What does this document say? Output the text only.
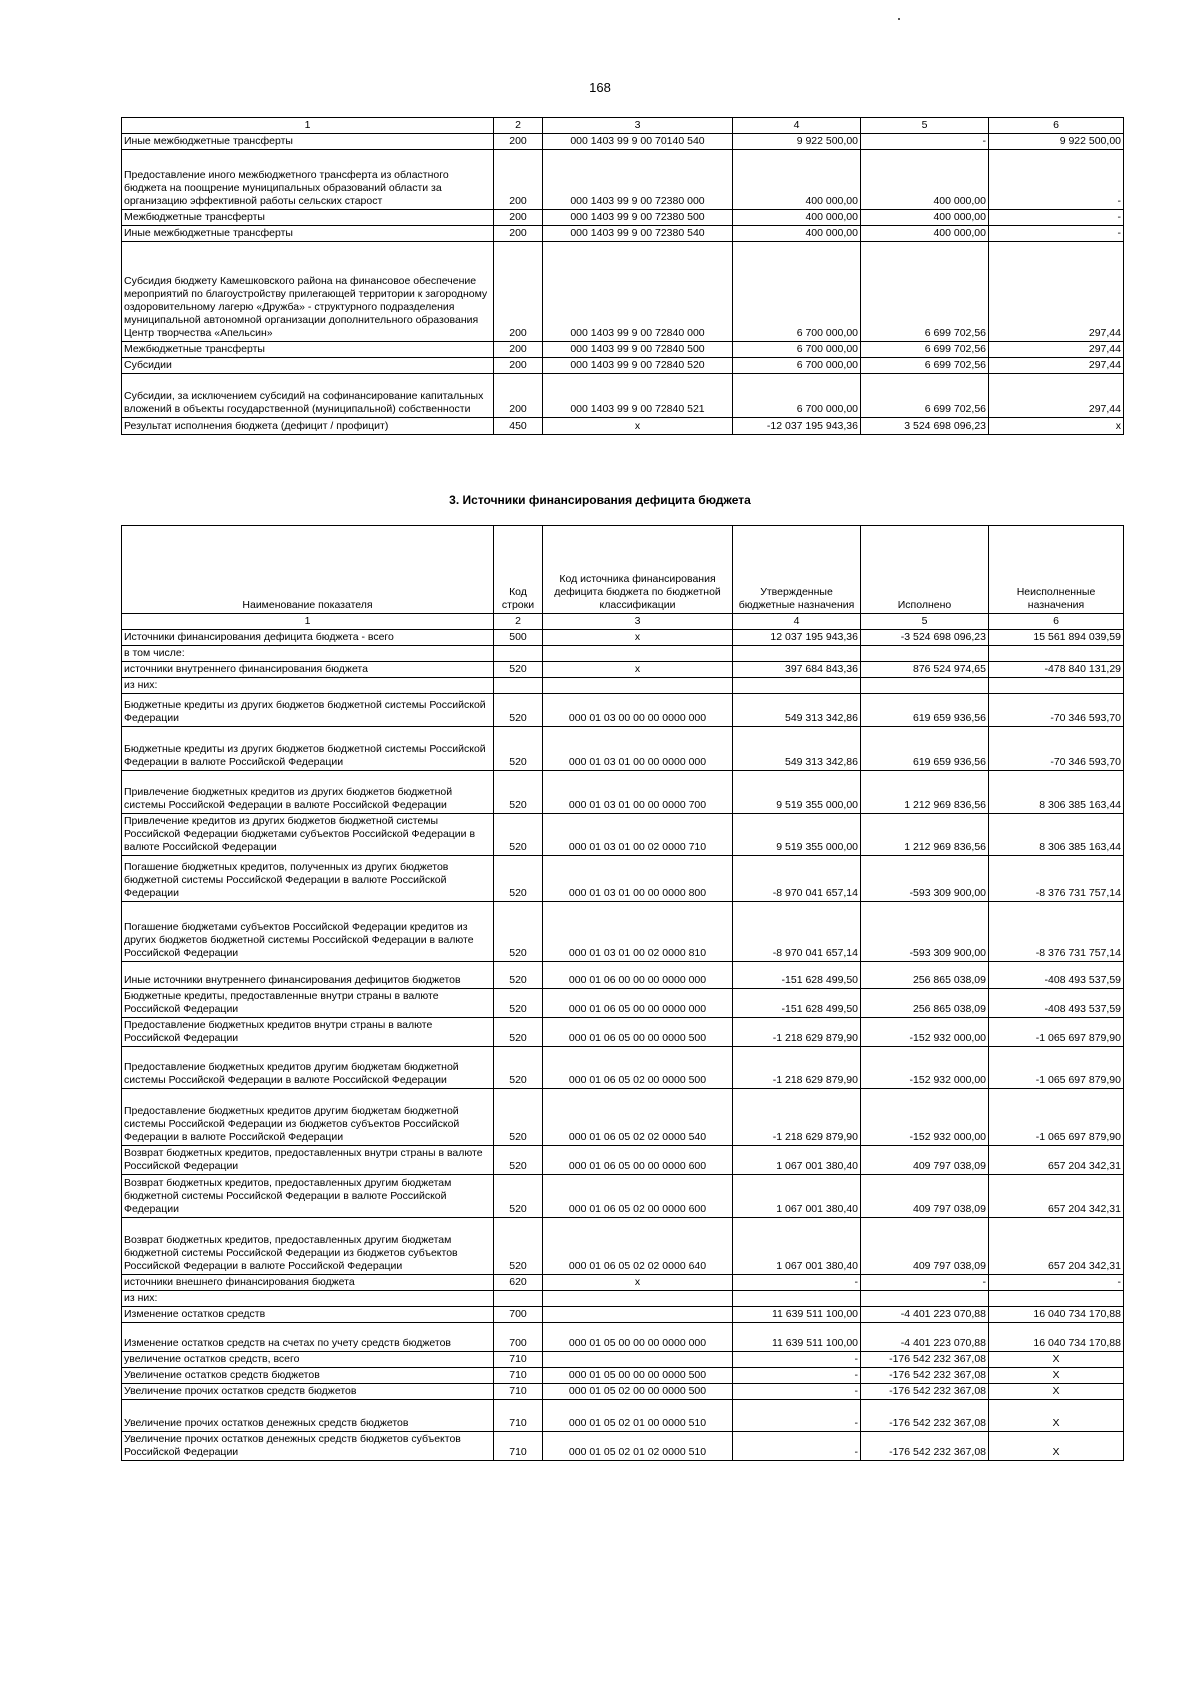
168
1	2	3	4	5	6
Иные межбюджетные трансферты	200	000 1403 99 9 00 70140 540	9 922 500,00	-	9 922 500,00
Предоставление иного межбюджетного трансферта из областного бюджета на поощрение муниципальных образований области за организацию эффективной работы сельских старост	200	000 1403 99 9 00 72380 000	400 000,00	400 000,00	-
Межбюджетные трансферты	200	000 1403 99 9 00 72380 500	400 000,00	400 000,00	-
Иные межбюджетные трансферты	200	000 1403 99 9 00 72380 540	400 000,00	400 000,00	-
Субсидия бюджету Камешковского района на финансовое обеспечение мероприятий по благоустройству прилегающей территории к загородному оздоровительному лагерю «Дружба» - структурного подразделения муниципальной автономной организации дополнительного образования Центр творчества «Апельсин»	200	000 1403 99 9 00 72840 000	6 700 000,00	6 699 702,56	297,44
Межбюджетные трансферты	200	000 1403 99 9 00 72840 500	6 700 000,00	6 699 702,56	297,44
Субсидии	200	000 1403 99 9 00 72840 520	6 700 000,00	6 699 702,56	297,44
Субсидии, за исключением субсидий на софинансирование капитальных вложений в объекты государственной (муниципальной) собственности	200	000 1403 99 9 00 72840 521	6 700 000,00	6 699 702,56	297,44
Результат исполнения бюджета (дефицит / профицит)	450	x	-12 037 195 943,36	3 524 698 096,23	x
3. Источники финансирования дефицита бюджета
Наименование показателя	Код строки	Код источника финансирования дефицита бюджета по бюджетной классификации	Утвержденные бюджетные назначения	Исполнено	Неисполненные назначения
1	2	3	4	5	6
Источники финансирования дефицита бюджета - всего	500	x	12 037 195 943,36	-3 524 698 096,23	15 561 894 039,59
в том числе:					
источники внутреннего финансирования бюджета	520	x	397 684 843,36	876 524 974,65	-478 840 131,29
из них:					
Бюджетные кредиты из других бюджетов бюджетной системы Российской Федерации	520	000 01 03 00 00 00 0000 000	549 313 342,86	619 659 936,56	-70 346 593,70
Бюджетные кредиты из других бюджетов бюджетной системы Российской Федерации в валюте Российской Федерации	520	000 01 03 01 00 00 0000 000	549 313 342,86	619 659 936,56	-70 346 593,70
Привлечение бюджетных кредитов из других бюджетов бюджетной системы Российской Федерации в валюте Российской Федерации	520	000 01 03 01 00 00 0000 700	9 519 355 000,00	1 212 969 836,56	8 306 385 163,44
Привлечение кредитов из других бюджетов бюджетной системы Российской Федерации бюджетами субъектов Российской Федерации в валюте Российской Федерации	520	000 01 03 01 00 02 0000 710	9 519 355 000,00	1 212 969 836,56	8 306 385 163,44
Погашение бюджетных кредитов, полученных из других бюджетов бюджетной системы Российской Федерации в валюте Российской Федерации	520	000 01 03 01 00 00 0000 800	-8 970 041 657,14	-593 309 900,00	-8 376 731 757,14
Погашение бюджетами субъектов Российской Федерации кредитов из других бюджетов бюджетной системы Российской Федерации в валюте Российской Федерации	520	000 01 03 01 00 02 0000 810	-8 970 041 657,14	-593 309 900,00	-8 376 731 757,14
Иные источники внутреннего финансирования дефицитов бюджетов	520	000 01 06 00 00 00 0000 000	-151 628 499,50	256 865 038,09	-408 493 537,59
Бюджетные кредиты, предоставленные внутри страны в валюте Российской Федерации	520	000 01 06 05 00 00 0000 000	-151 628 499,50	256 865 038,09	-408 493 537,59
Предоставление бюджетных кредитов внутри страны в валюте Российской Федерации	520	000 01 06 05 00 00 0000 500	-1 218 629 879,90	-152 932 000,00	-1 065 697 879,90
Предоставление бюджетных кредитов другим бюджетам бюджетной системы Российской Федерации в валюте Российской Федерации	520	000 01 06 05 02 00 0000 500	-1 218 629 879,90	-152 932 000,00	-1 065 697 879,90
Предоставление бюджетных кредитов другим бюджетам бюджетной системы Российской Федерации из бюджетов субъектов Российской Федерации в валюте Российской Федерации	520	000 01 06 05 02 02 0000 540	-1 218 629 879,90	-152 932 000,00	-1 065 697 879,90
Возврат бюджетных кредитов, предоставленных внутри страны в валюте Российской Федерации	520	000 01 06 05 00 00 0000 600	1 067 001 380,40	409 797 038,09	657 204 342,31
Возврат бюджетных кредитов, предоставленных другим бюджетам бюджетной системы Российской Федерации в валюте Российской Федерации	520	000 01 06 05 02 00 0000 600	1 067 001 380,40	409 797 038,09	657 204 342,31
Возврат бюджетных кредитов, предоставленных другим бюджетам бюджетной системы Российской Федерации из бюджетов субъектов Российской Федерации в валюте Российской Федерации	520	000 01 06 05 02 02 0000 640	1 067 001 380,40	409 797 038,09	657 204 342,31
источники внешнего финансирования бюджета	620	x	-	-	-
из них:					
Изменение остатков средств	700		11 639 511 100,00	-4 401 223 070,88	16 040 734 170,88
Изменение остатков средств на счетах по учету средств бюджетов	700	000 01 05 00 00 00 0000 000	11 639 511 100,00	-4 401 223 070,88	16 040 734 170,88
увеличение остатков средств, всего	710		-	-176 542 232 367,08	X
Увеличение остатков средств бюджетов	710	000 01 05 00 00 00 0000 500	-	-176 542 232 367,08	X
Увеличение прочих остатков средств бюджетов	710	000 01 05 02 00 00 0000 500	-	-176 542 232 367,08	X
Увеличение прочих остатков денежных средств бюджетов	710	000 01 05 02 01 00 0000 510	-	-176 542 232 367,08	X
Увеличение прочих остатков денежных средств бюджетов субъектов Российской Федерации	710	000 01 05 02 01 02 0000 510	-	-176 542 232 367,08	X
